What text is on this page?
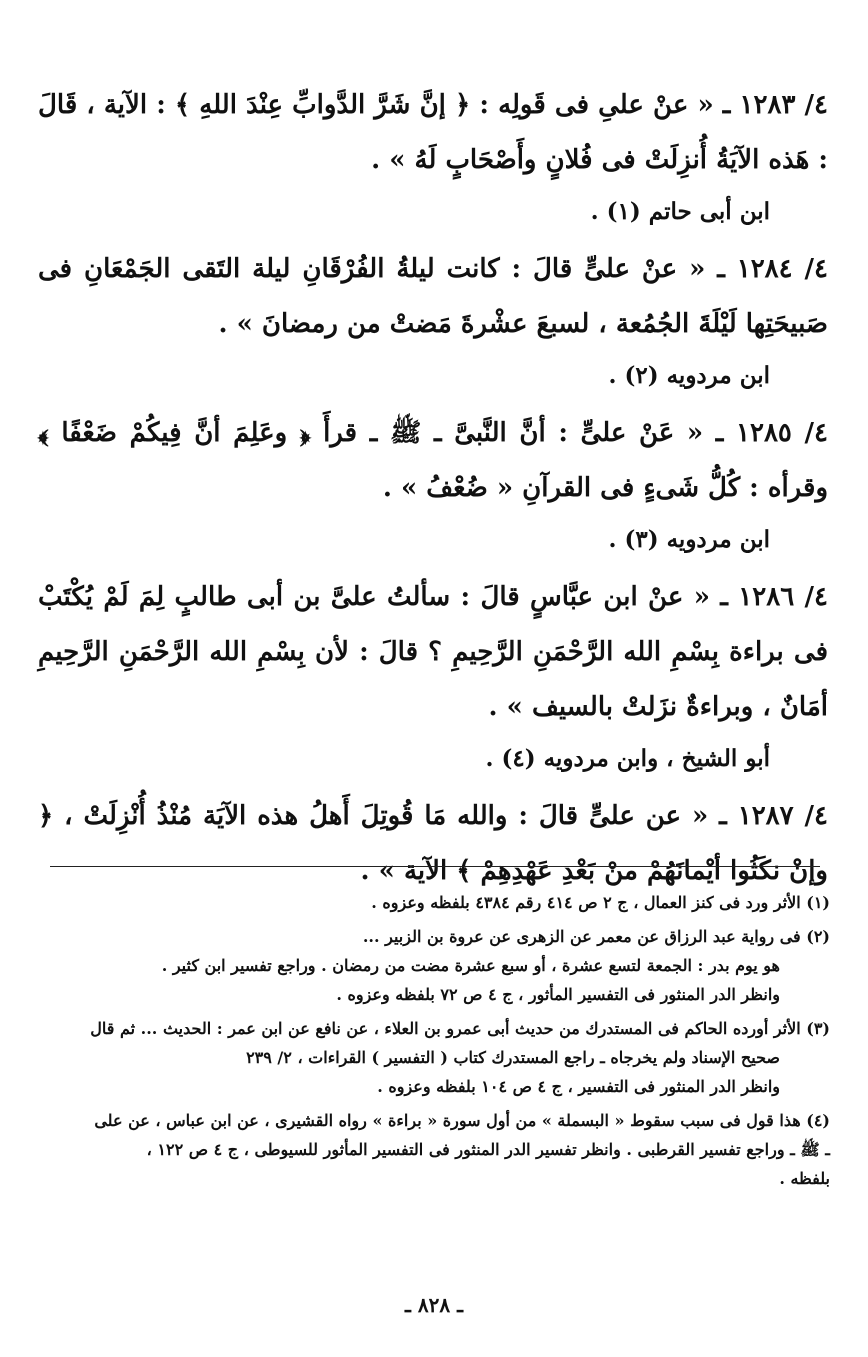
٤/ ١٢٨٣ ـ « عنْ علىِ فى قَولِه : ﴿ إنَّ شَرَّ الدَّوابِّ عِنْدَ اللهِ ﴾ : الآية ، قَالَ : هَذه الآيَةُ أُنزِلَتْ فى فُلانٍ وأَصْحَابٍ لَهُ » .

ابن أبى حاتم (١) .

٤/ ١٢٨٤ ـ « عنْ علىٍّ قالَ : كانت ليلةُ الفُرْقَانِ ليلة التَقى الجَمْعَانِ فى صَبيحَتِها لَيْلَةَ الجُمُعة ، لسبعَ عشْرةَ مَضتْ من رمضانَ » .

ابن مردويه (٢) .

٤/ ١٢٨٥ ـ « عَنْ علىٍّ : أنَّ النَّبىَّ ـ ﷺ ـ قرأَ ﴿ وعَلِمَ أنَّ فِيكُمْ ضَعْفًا ﴾ وقرأه : كُلُّ شَىءٍ فى القرآنِ « ضُعْفُ » .

ابن مردويه (٣) .

٤/ ١٢٨٦ ـ « عنْ ابن عبَّاسٍ قالَ : سألتُ علىَّ بن أبى طالبٍ لِمَ لَمْ يُكْتَبْ فى براءة بِسْمِ الله الرَّحْمَنِ الرَّحِيمِ ؟ قالَ : لأن بِسْمِ الله الرَّحْمَنِ الرَّحِيمِ أمَانٌ ، وبراءةٌ نزَلتْ بالسيف » .

أبو الشيخ ، وابن مردويه (٤) .

٤/ ١٢٨٧ ـ « عن علىٍّ قالَ : والله مَا قُوتِلَ أَهلُ هذه الآيَة مُنْذُ أُنْزِلَتْ ، ﴿ وإنْ نكَثُوا أيْمانَهُمْ منْ بَعْدِ عَهْدِهِمْ ﴾ الآية » .

(١) الأثر ورد فى كنز العمال ، ج ٢ ص ٤١٤ رقم ٤٣٨٤ بلفظه وعزوه .
(٢) فى رواية عبد الرزاق عن معمر عن الزهرى عن عروة بن الزبير ...
هو يوم بدر : الجمعة لتسع عشرة ، أو سبع عشرة مضت من رمضان . وراجع تفسير ابن كثير .
وانظر الدر المنثور فى التفسير المأثور ، ج ٤ ص ٧٢ بلفظه وعزوه .
(٣) الأثر أورده الحاكم فى المستدرك من حديث أبى عمرو بن العلاء ، عن نافع عن ابن عمر : الحديث ... ثم قال
صحيح الإسناد ولم يخرجاه ـ راجع المستدرك كتاب ( التفسير ) القراءات ، ٢/ ٢٣٩
وانظر الدر المنثور فى التفسير ، ج ٤ ص ١٠٤ بلفظه وعزوه .
(٤) هذا قول فى سبب سقوط « البسملة » من أول سورة « براءة » رواه القشيرى ، عن ابن عباس ، عن على
ـ ﷺ ـ وراجع تفسير القرطبى . وانظر تفسير الدر المنثور فى التفسير المأثور للسيوطى ، ج ٤ ص ١٢٢ ،
بلفظه .
ـ ٨٢٨ ـ
